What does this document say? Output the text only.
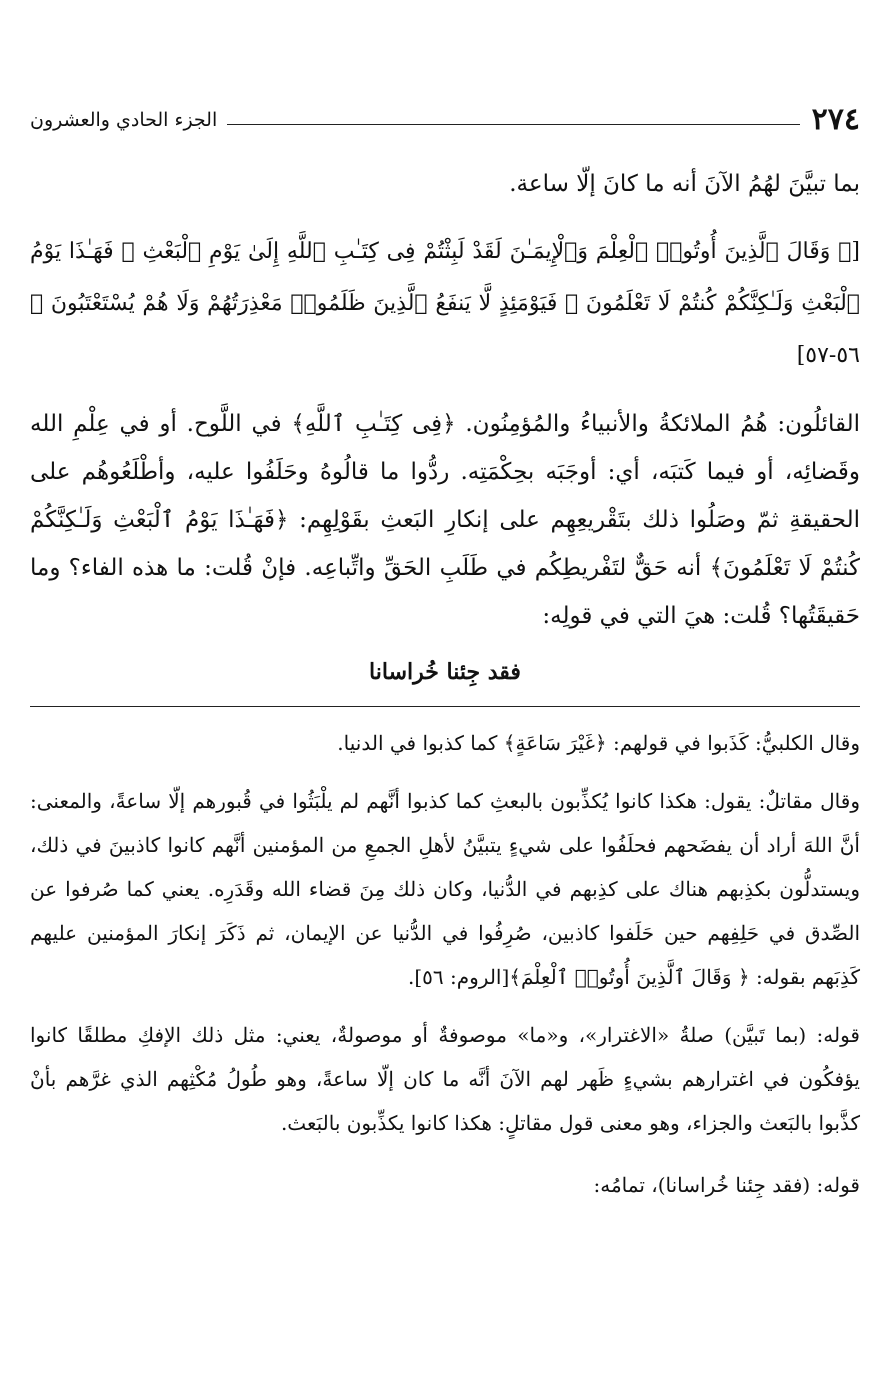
٢٧٤
الجزء الحادي والعشرون

بما تبيَّنَ لهُمُ الآنَ أنه ما كانَ إلّا ساعة.

[﴿ وَقَالَ ٱلَّذِينَ أُوتُوا۟ ٱلْعِلْمَ وَٱلْإِيمَـٰنَ لَقَدْ لَبِثْتُمْ فِى كِتَـٰبِ ٱللَّهِ إِلَىٰ يَوْمِ ٱلْبَعْثِ ۖ فَهَـٰذَا يَوْمُ ٱلْبَعْثِ وَلَـٰكِنَّكُمْ كُنتُمْ لَا تَعْلَمُونَ ۞ فَيَوْمَئِذٍ لَّا يَنفَعُ ٱلَّذِينَ ظَلَمُوا۟ مَعْذِرَتُهُمْ وَلَا هُمْ يُسْتَعْتَبُونَ ﴾ ٥٦-٥٧]

القائلُون: هُمُ الملائكةُ والأنبياءُ والمُؤمِنُون. ﴿فِى كِتَـٰبِ ٱللَّهِ﴾ في اللَّوح. أو في عِلْمِ الله وقَضائِه، أو فيما كَتبَه، أي: أوجَبَه بحِكْمَتِه. ردُّوا ما قالُوهُ وحَلَفُوا عليه، وأطْلَعُوهُم على الحقيقةِ ثمّ وصَلُوا ذلك بتَقْريعِهِم على إنكارِ البَعثِ بقَوْلِهِم: ﴿فَهَـٰذَا يَوْمُ ٱلْبَعْثِ وَلَـٰكِنَّكُمْ كُنتُمْ لَا تَعْلَمُونَ﴾ أنه حَقٌّ لتَفْريطِكُم في طَلَبِ الحَقِّ واتِّباعِه. فإنْ قُلت: ما هذه الفاء؟ وما حَقيقَتُها؟ قُلت: هيَ التي في قولِه:

فقد جِئنا خُراسانا

وقال الكلبيُّ: كَذَبوا في قولهم: ﴿غَيْرَ سَاعَةٍ﴾ كما كذبوا في الدنيا.

وقال مقاتلٌ: يقول: هكذا كانوا يُكذِّبون بالبعثِ كما كذبوا أنَّهم لم يلْبَثُوا في قُبورهم إلّا ساعةً، والمعنى: أنَّ اللهَ أراد أن يفضَحهم فحلَفُوا على شيءٍ يتبيَّنُ لأهلِ الجمعِ من المؤمنين أنَّهم كانوا كاذبينَ في ذلك، ويستدلُّون بكذِبهم هناك على كذِبهم في الدُّنيا، وكان ذلك مِنَ قضاء الله وقَدَرِه. يعني كما صُرفوا عن الصِّدق في حَلِفِهم حين حَلَفوا كاذبين، صُرِفُوا في الدُّنيا عن الإيمان، ثم ذَكَرَ إنكارَ المؤمنين عليهم كَذِبَهم بقوله: ﴿ وَقَالَ ٱلَّذِينَ أُوتُوا۟ ٱلْعِلْمَ﴾[الروم: ٥٦].

قوله: (بما تَبيَّن) صلةُ «الاغترار»، و«ما» موصوفةٌ أو موصولةٌ، يعني: مثل ذلك الإفكِ مطلقًا كانوا يؤفكُون في اغترارهم بشيءٍ ظَهر لهم الآنَ أنَّه ما كان إلّا ساعةً، وهو طُولُ مُكْثِهم الذي غرَّهم بأنْ كذَّبوا بالبَعث والجزاء، وهو معنى قول مقاتلٍ: هكذا كانوا يكذِّبون بالبَعث.

قوله: (فقد جِئنا خُراسانا)، تمامُه:
